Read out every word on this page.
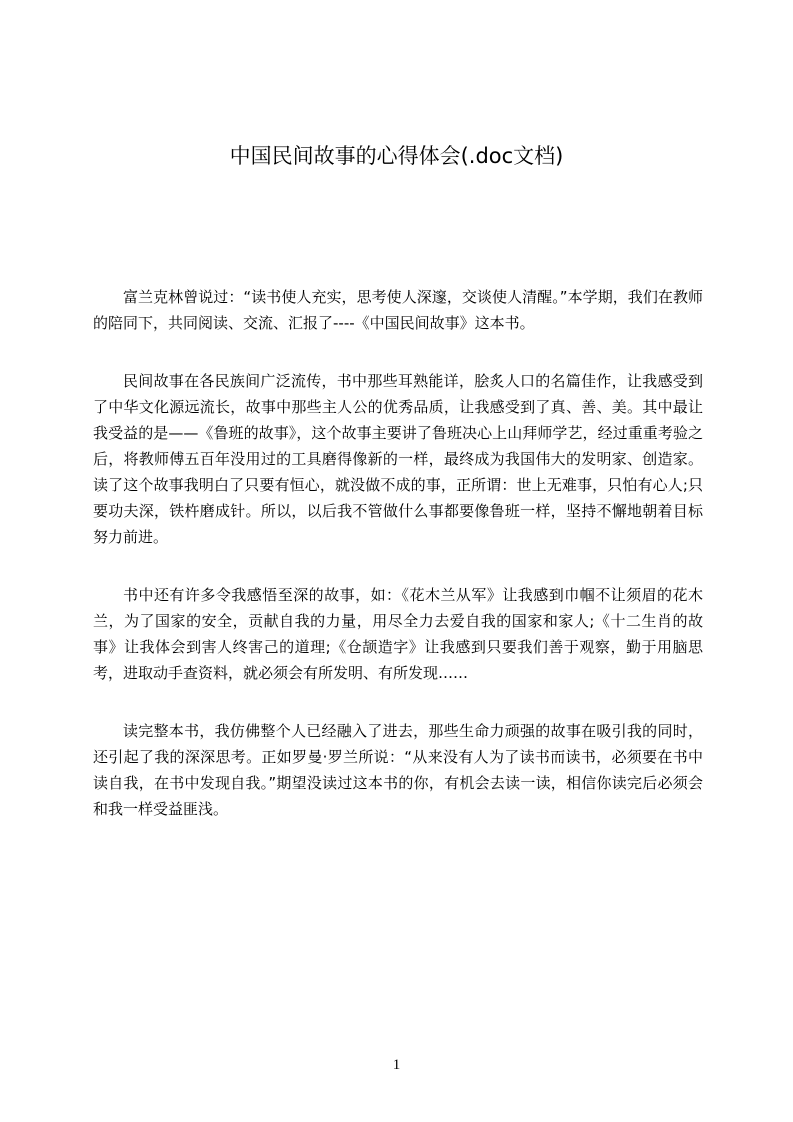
中国民间故事的心得体会(.doc文档)

富兰克林曾说过：“读书使人充实，思考使人深邃，交谈使人清醒。”本学期，我们在教师的陪同下，共同阅读、交流、汇报了----《中国民间故事》这本书。

民间故事在各民族间广泛流传，书中那些耳熟能详，脍炙人口的名篇佳作，让我感受到了中华文化源远流长，故事中那些主人公的优秀品质，让我感受到了真、善、美。其中最让我受益的是——《鲁班的故事》，这个故事主要讲了鲁班决心上山拜师学艺，经过重重考验之后，将教师傅五百年没用过的工具磨得像新的一样，最终成为我国伟大的发明家、创造家。读了这个故事我明白了只要有恒心，就没做不成的事，正所谓：世上无难事，只怕有心人;只要功夫深，铁杵磨成针。所以，以后我不管做什么事都要像鲁班一样，坚持不懈地朝着目标努力前进。

书中还有许多令我感悟至深的故事，如：《花木兰从军》让我感到巾帼不让须眉的花木兰，为了国家的安全，贡献自我的力量，用尽全力去爱自我的国家和家人;《十二生肖的故事》让我体会到害人终害己的道理;《仓颉造字》让我感到只要我们善于观察，勤于用脑思考，进取动手查资料，就必须会有所发明、有所发现……

读完整本书，我仿佛整个人已经融入了进去，那些生命力顽强的故事在吸引我的同时，还引起了我的深深思考。正如罗曼·罗兰所说：“从来没有人为了读书而读书，必须要在书中读自我，在书中发现自我。”期望没读过这本书的你，有机会去读一读，相信你读完后必须会和我一样受益匪浅。

1
